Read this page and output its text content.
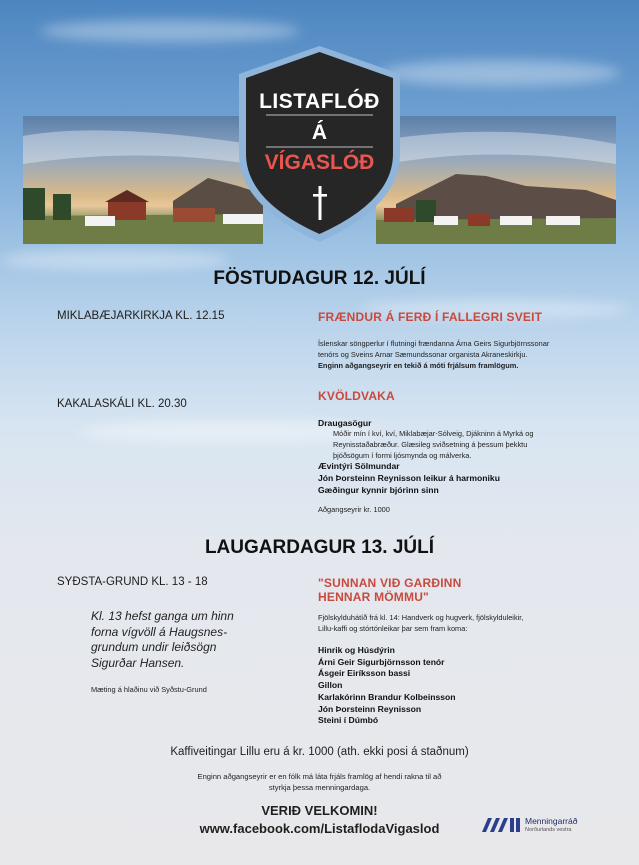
LISTAFLÓÐ
Á
VÍGASLÓÐ
FÖSTUDAGUR 12. JÚLÍ
MIKLABÆJARKIRKJA KL. 12.15	FRÆNDUR Á FERÐ Í FALLEGRI SVEIT
Íslenskar söngperlur í flutningi frændanna Árna Geirs Sigurbjörnssonar
tenórs og Sveins Arnar Sæmundssonar organista Akraneskirkju.
Enginn aðgangseyrir en tekið á móti frjálsum framlögum.
KAKALASKÁLI KL. 20.30
KVÖLDVAKA
Draugasögur
Móðir mín í kví, kví, Miklabæjar-Sólveig, Djákninn á Myrká og
Reynisstaðabræður. Glæsileg sviðsetning á þessum þekktu
þjóðsögum í formi ljósmynda og málverka.
Ævintýri Sölmundar
Jón Þorsteinn Reynisson leikur á harmoniku
Gæðingur kynnir bjórinn sinn
Aðgangseyrir kr. 1000
LAUGARDAGUR 13. JÚLÍ
SYÐSTA-GRUND KL. 13 - 18	"SUNNAN VIÐ GARÐINN
HENNAR MÖMMU"
Kl. 13 hefst ganga um hinn
forna vígvöll á Haugsnes-
grundum undir leiðsögn
Sigurðar Hansen.
Mæting á hlaðinu við Syðstu-Grund
Fjölskylduhátíð frá kl. 14: Handverk og hugverk, fjölskylduleikir,
Lillu-kaffi og stórtónleikar þar sem fram koma:
Hinrik og Húsdýrin
Árni Geir Sigurbjörnsson tenór
Ásgeir Eiríksson bassi
Gillon
Karlakórinn Brandur Kolbeinsson
Jón Þorsteinn Reynisson
Steini í Dúmbó
Kaffiveitingar Lillu eru á kr. 1000 (ath. ekki posi á staðnum)
Enginn aðgangseyrir er en fólk má láta frjáls framlög af hendi rakna til að
styrkja þessa menningardaga.
VERIÐ VELKOMIN!
www.facebook.com/ListaflodaVigaslod	Menningarráð
Norðurlands vestra
